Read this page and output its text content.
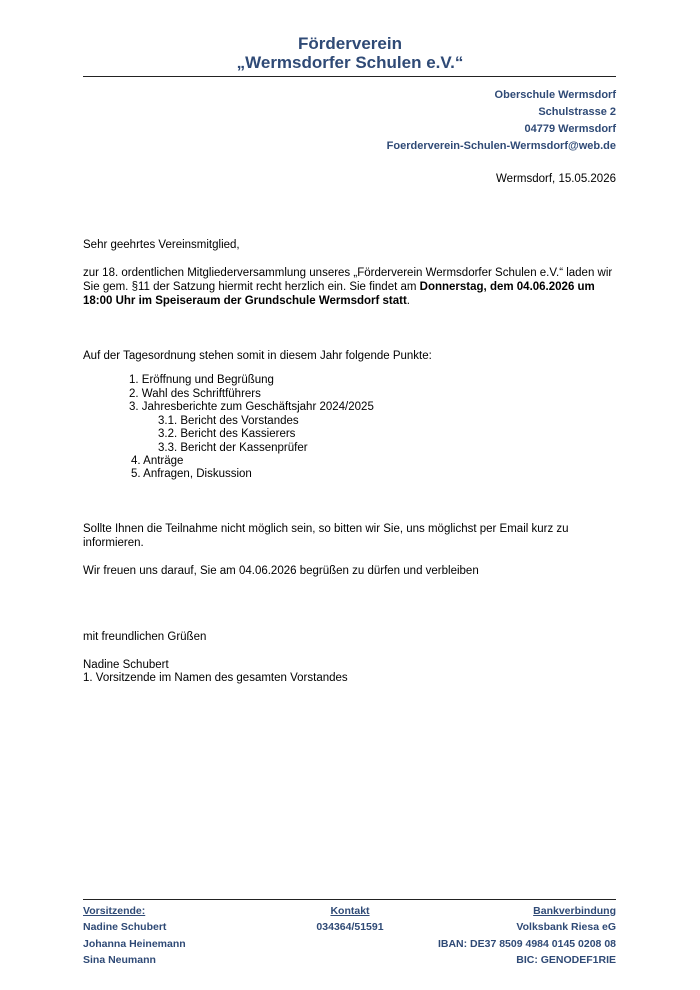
Förderverein
„Wermsdorfer Schulen e.V.“
Oberschule Wermsdorf
Schulstrasse 2
04779 Wermsdorf
Foerderverein-Schulen-Wermsdorf@web.de
Wermsdorf, 15.05.2026
Sehr geehrtes Vereinsmitglied,
zur 18. ordentlichen Mitgliederversammlung unseres „Förderverein Wermsdorfer Schulen e.V.“ laden wir Sie gem. §11 der Satzung hiermit recht herzlich ein. Sie findet am Donnerstag, dem 04.06.2026 um 18:00 Uhr im Speiseraum der Grundschule Wermsdorf statt.
Auf der Tagesordnung stehen somit in diesem Jahr folgende Punkte:
1. Eröffnung und Begrüßung
2. Wahl des Schriftführers
3. Jahresberichte zum Geschäftsjahr 2024/2025
3.1. Bericht des Vorstandes
3.2. Bericht des Kassierers
3.3. Bericht der Kassenprüfer
4. Anträge
5. Anfragen, Diskussion
Sollte Ihnen die Teilnahme nicht möglich sein, so bitten wir Sie, uns möglichst per Email kurz zu informieren.
Wir freuen uns darauf, Sie am 04.06.2026 begrüßen zu dürfen und verbleiben
mit freundlichen Grüßen
Nadine Schubert
1. Vorsitzende im Namen des gesamten Vorstandes
Vorsitzende:
Nadine Schubert
Johanna Heinemann
Sina Neumann
Kontakt
034364/51591
Bankverbindung
Volksbank Riesa eG
IBAN: DE37 8509 4984 0145 0208 08
BIC: GENODEF1RIE
